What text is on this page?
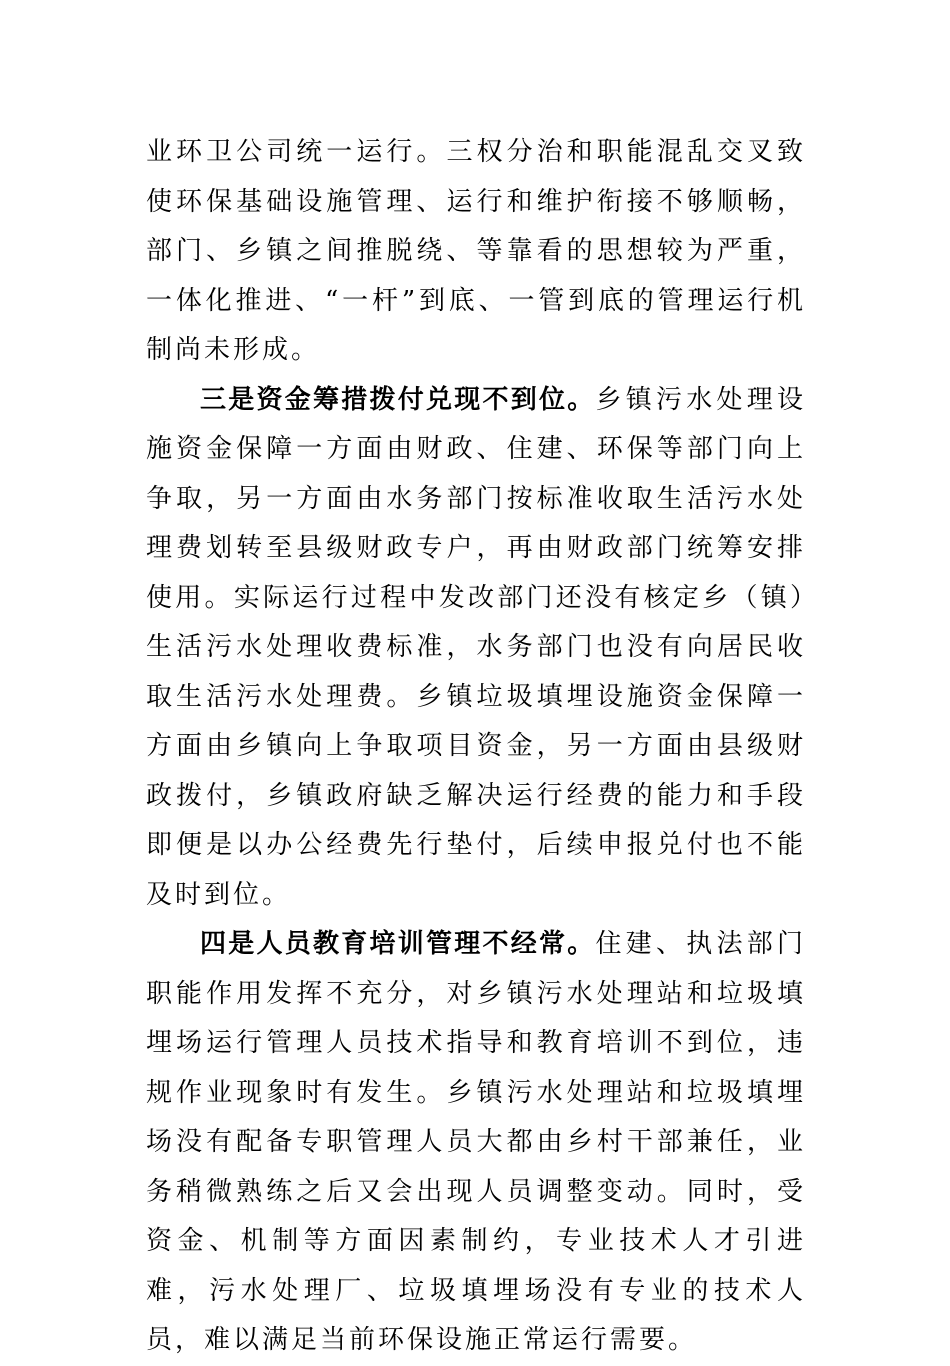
业环卫公司统一运行。三权分治和职能混乱交叉致使环保基础设施管理、运行和维护衔接不够顺畅，部门、乡镇之间推脱绕、等靠看的思想较为严重，一体化推进、“一杆”到底、一管到底的管理运行机制尚未形成。

三是资金筹措拨付兑现不到位。乡镇污水处理设施资金保障一方面由财政、住建、环保等部门向上争取，另一方面由水务部门按标准收取生活污水处理费划转至县级财政专户，再由财政部门统筹安排使用。实际运行过程中发改部门还没有核定乡（镇）生活污水处理收费标准，水务部门也没有向居民收取生活污水处理费。乡镇垃圾填埋设施资金保障一方面由乡镇向上争取项目资金，另一方面由县级财政拨付，乡镇政府缺乏解决运行经费的能力和手段即便是以办公经费先行垫付，后续申报兑付也不能及时到位。

四是人员教育培训管理不经常。住建、执法部门职能作用发挥不充分，对乡镇污水处理站和垃圾填埋场运行管理人员技术指导和教育培训不到位，违规作业现象时有发生。乡镇污水处理站和垃圾填埋场没有配备专职管理人员大都由乡村干部兼任，业务稍微熟练之后又会出现人员调整变动。同时，受资金、机制等方面因素制约，专业技术人才引进难，污水处理厂、垃圾填埋场没有专业的技术人员，难以满足当前环保设施正常运行需要。
